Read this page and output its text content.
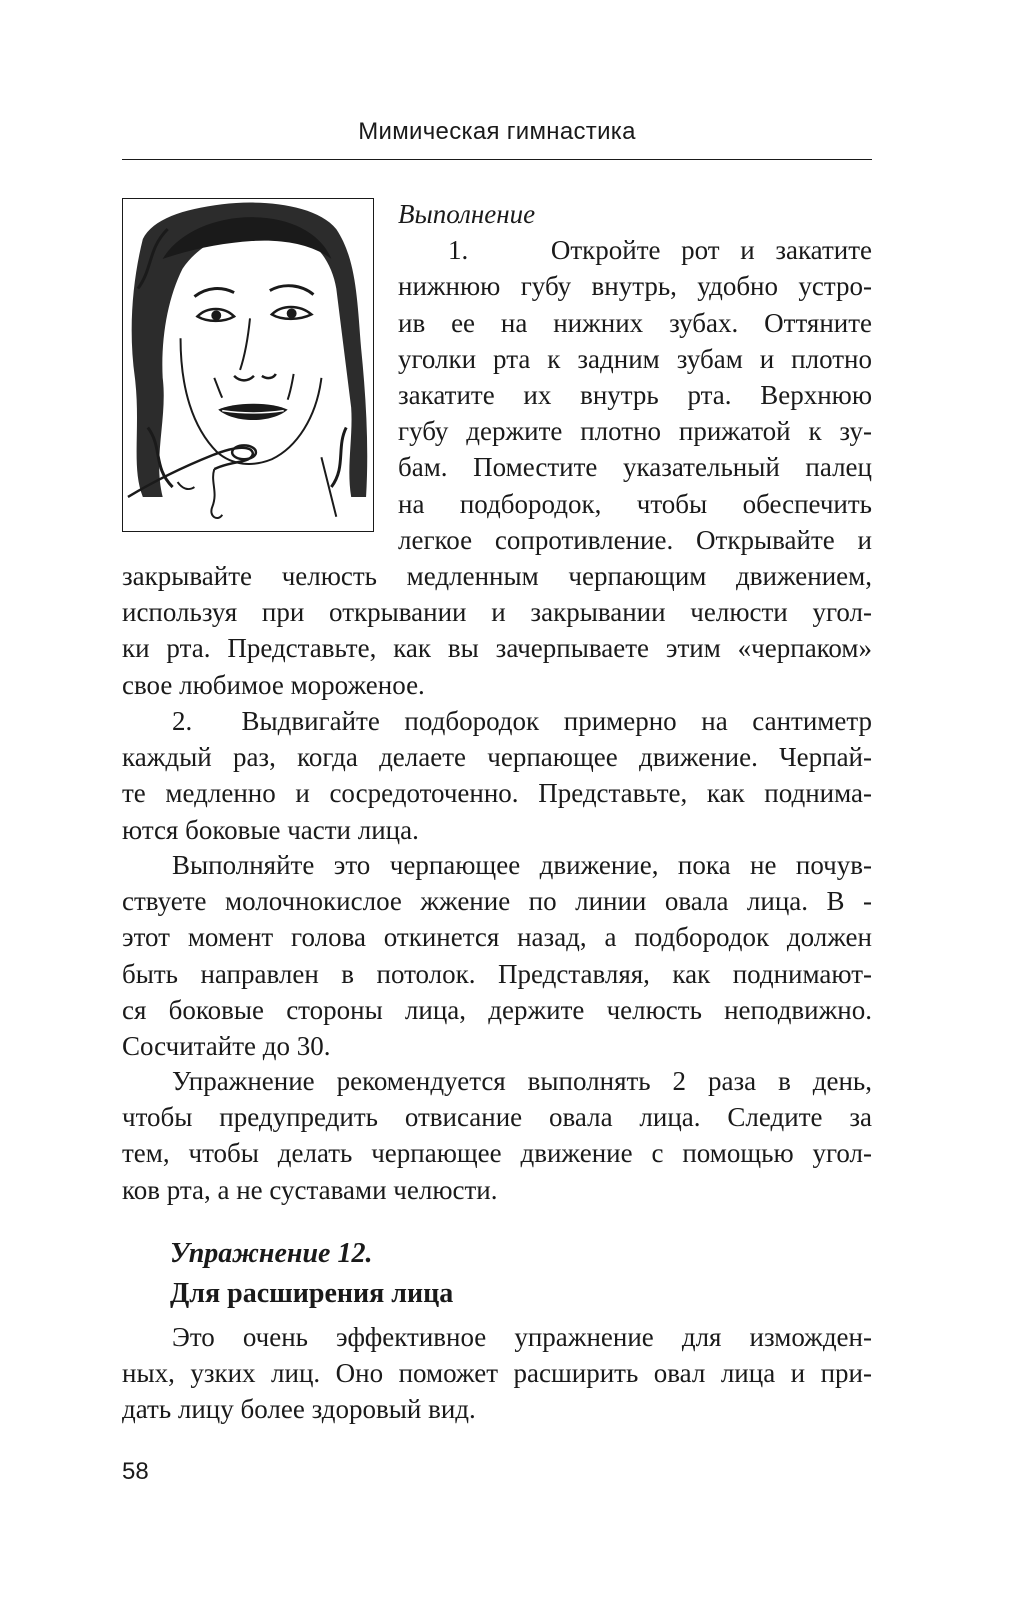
Мимическая гимнастика

Выполнение

1.    Откройте рот и закатите

нижнюю губу внутрь, удобно устро-
ив ее на нижних зубах. Оттяните
уголки рта к задним зубам и плотно
закатите их внутрь рта. Верхнюю
губу держите плотно прижатой к зу-
бам. Поместите указательный палец
на подбородок, чтобы обеспечить
легкое сопротивление. Открывайте и
закрывайте челюсть медленным черпающим движением,
используя при открывании и закрывании челюсти угол-
ки рта. Представьте, как вы зачерпываете этим «черпаком»
свое любимое мороженое.
2.  Выдвигайте подбородок примерно на сантиметр
каждый раз, когда делаете черпающее движение. Черпай-
те медленно и сосредоточенно. Представьте, как поднима-
ются боковые части лица.
Выполняйте это черпающее движение, пока не почув-
ствуете молочнокислое жжение по линии овала лица. В -
этот момент голова откинется назад, а подбородок должен
быть направлен в потолок. Представляя, как поднимают-
ся боковые стороны лица, держите челюсть неподвижно.
Сосчитайте до 30.
Упражнение рекомендуется выполнять 2 раза в день,
чтобы предупредить отвисание овала лица. Следите за
тем, чтобы делать черпающее движение с помощью угол-
ков рта, а не суставами челюсти.
Упражнение 12.
Для расширения лица
Это очень эффективное упражнение для изможден-
ных, узких лиц. Оно поможет расширить овал лица и при-
дать лицу более здоровый вид.
58
